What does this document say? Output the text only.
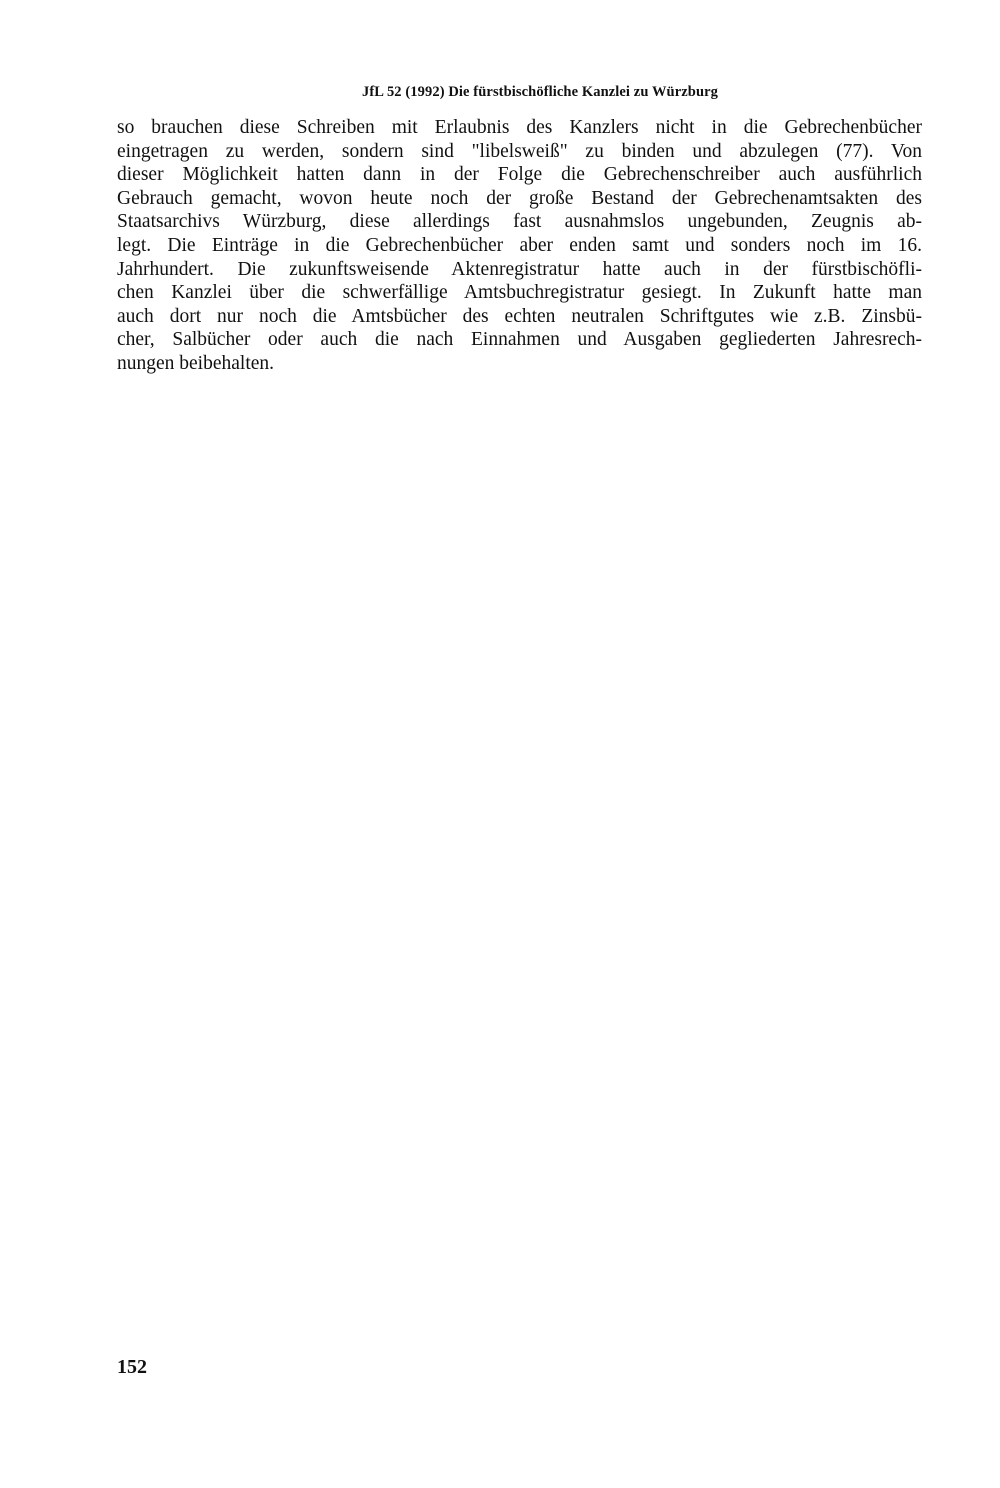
JfL 52 (1992) Die fürstbischöfliche Kanzlei zu Würzburg
so brauchen diese Schreiben mit Erlaubnis des Kanzlers nicht in die Gebrechenbücher
eingetragen zu werden, sondern sind "libelsweiß" zu binden und abzulegen (77). Von
dieser Möglichkeit hatten dann in der Folge die Gebrechenschreiber auch ausführlich
Gebrauch gemacht, wovon heute noch der große Bestand der Gebrechenamtsakten des
Staatsarchivs Würzburg, diese allerdings fast ausnahmslos ungebunden, Zeugnis ab-
legt. Die Einträge in die Gebrechenbücher aber enden samt und sonders noch im 16.
Jahrhundert. Die zukunftsweisende Aktenregistratur hatte auch in der fürstbischöfli-
chen Kanzlei über die schwerfällige Amtsbuchregistratur gesiegt. In Zukunft hatte man
auch dort nur noch die Amtsbücher des echten neutralen Schriftgutes wie z.B. Zinsbü-
cher, Salbücher oder auch die nach Einnahmen und Ausgaben gegliederten Jahresrech-
nungen beibehalten.
152
